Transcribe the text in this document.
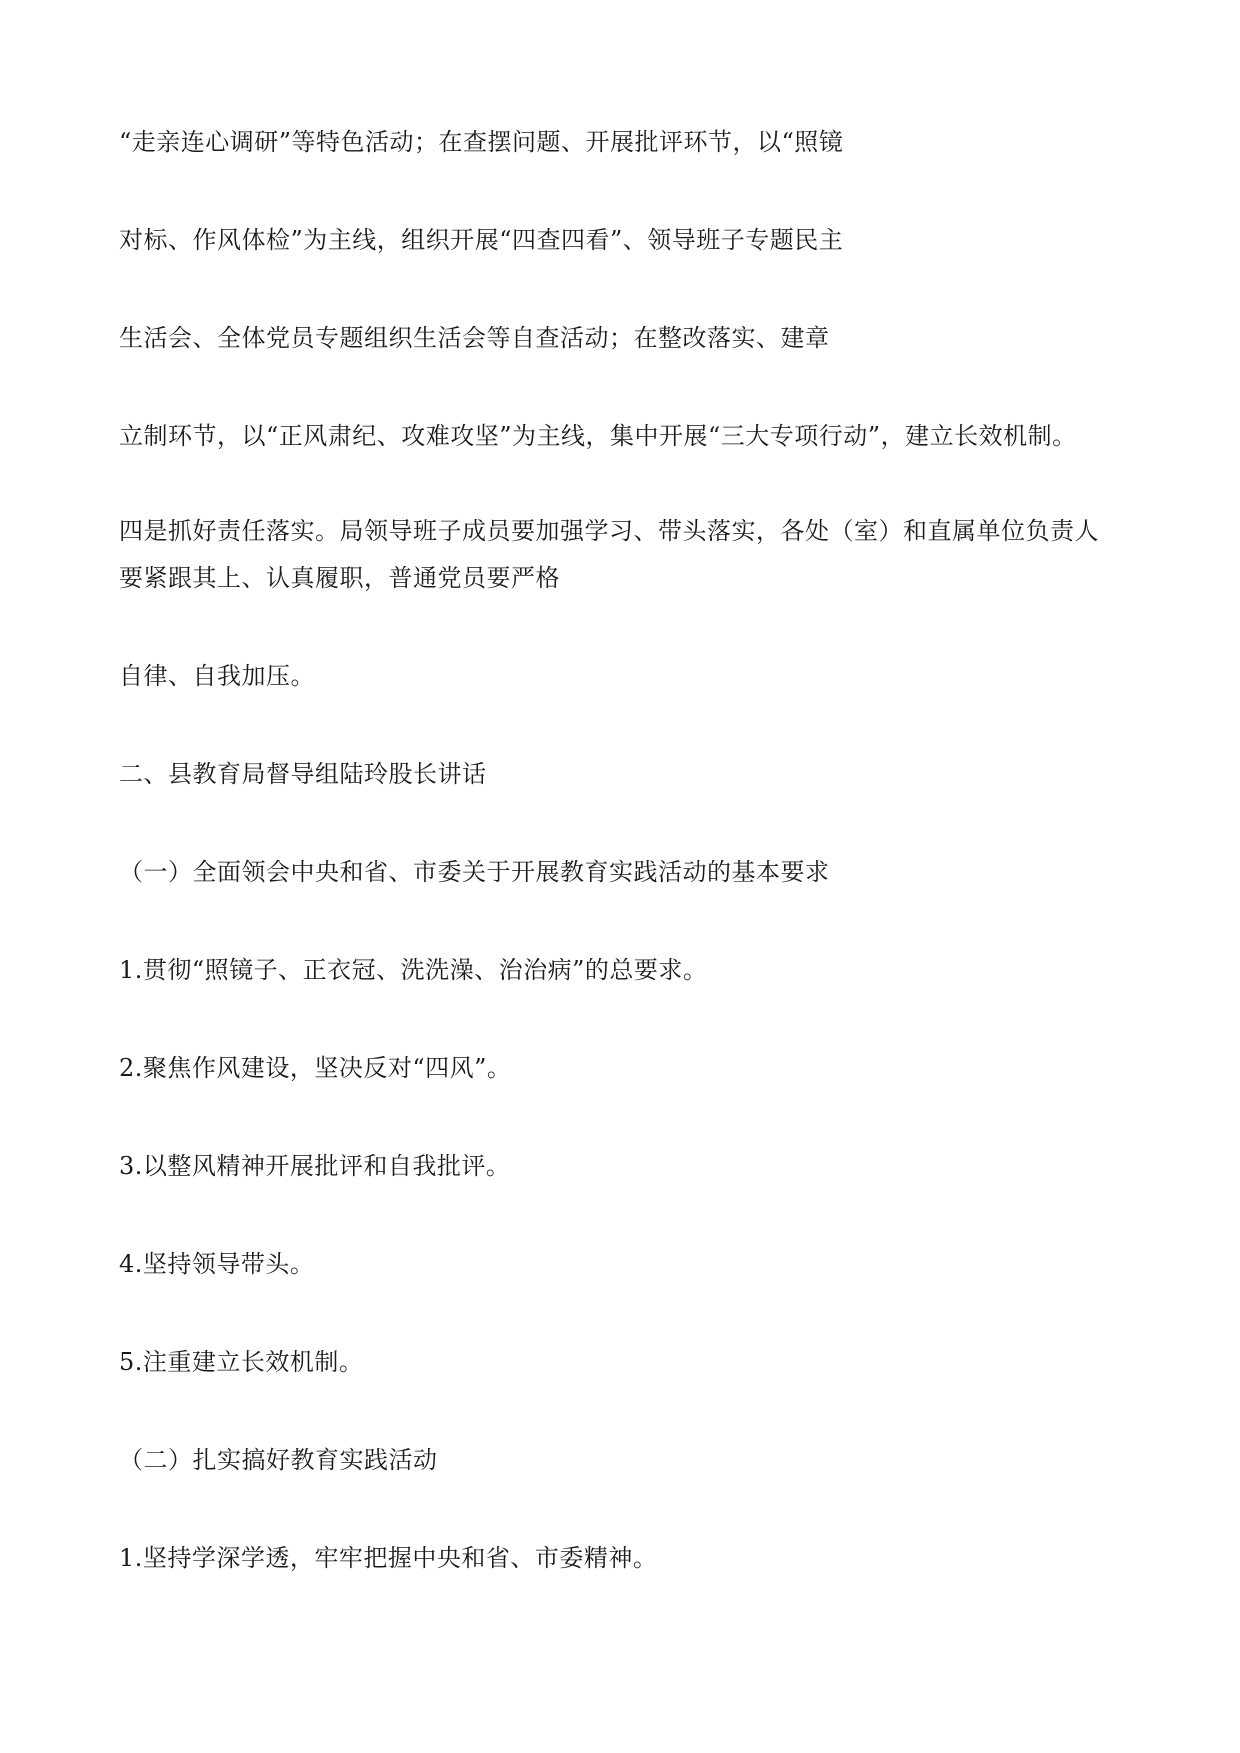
“走亲连心调研”等特色活动；在查摆问题、开展批评环节，以“照镜
对标、作风体检”为主线，组织开展“四查四看”、领导班子专题民主
生活会、全体党员专题组织生活会等自查活动；在整改落实、建章
立制环节，以“正风肃纪、攻难攻坚”为主线，集中开展“三大专项行动”，建立长效机制。
四是抓好责任落实。局领导班子成员要加强学习、带头落实，各处（室）和直属单位负责人
要紧跟其上、认真履职，普通党员要严格
自律、自我加压。
二、县教育局督导组陆玲股长讲话
（一）全面领会中央和省、市委关于开展教育实践活动的基本要求
1.贯彻“照镜子、正衣冠、洗洗澡、治治病”的总要求。
2.聚焦作风建设，坚决反对“四风”。
3.以整风精神开展批评和自我批评。
4.坚持领导带头。
5.注重建立长效机制。
（二）扎实搞好教育实践活动
1.坚持学深学透，牢牢把握中央和省、市委精神。
